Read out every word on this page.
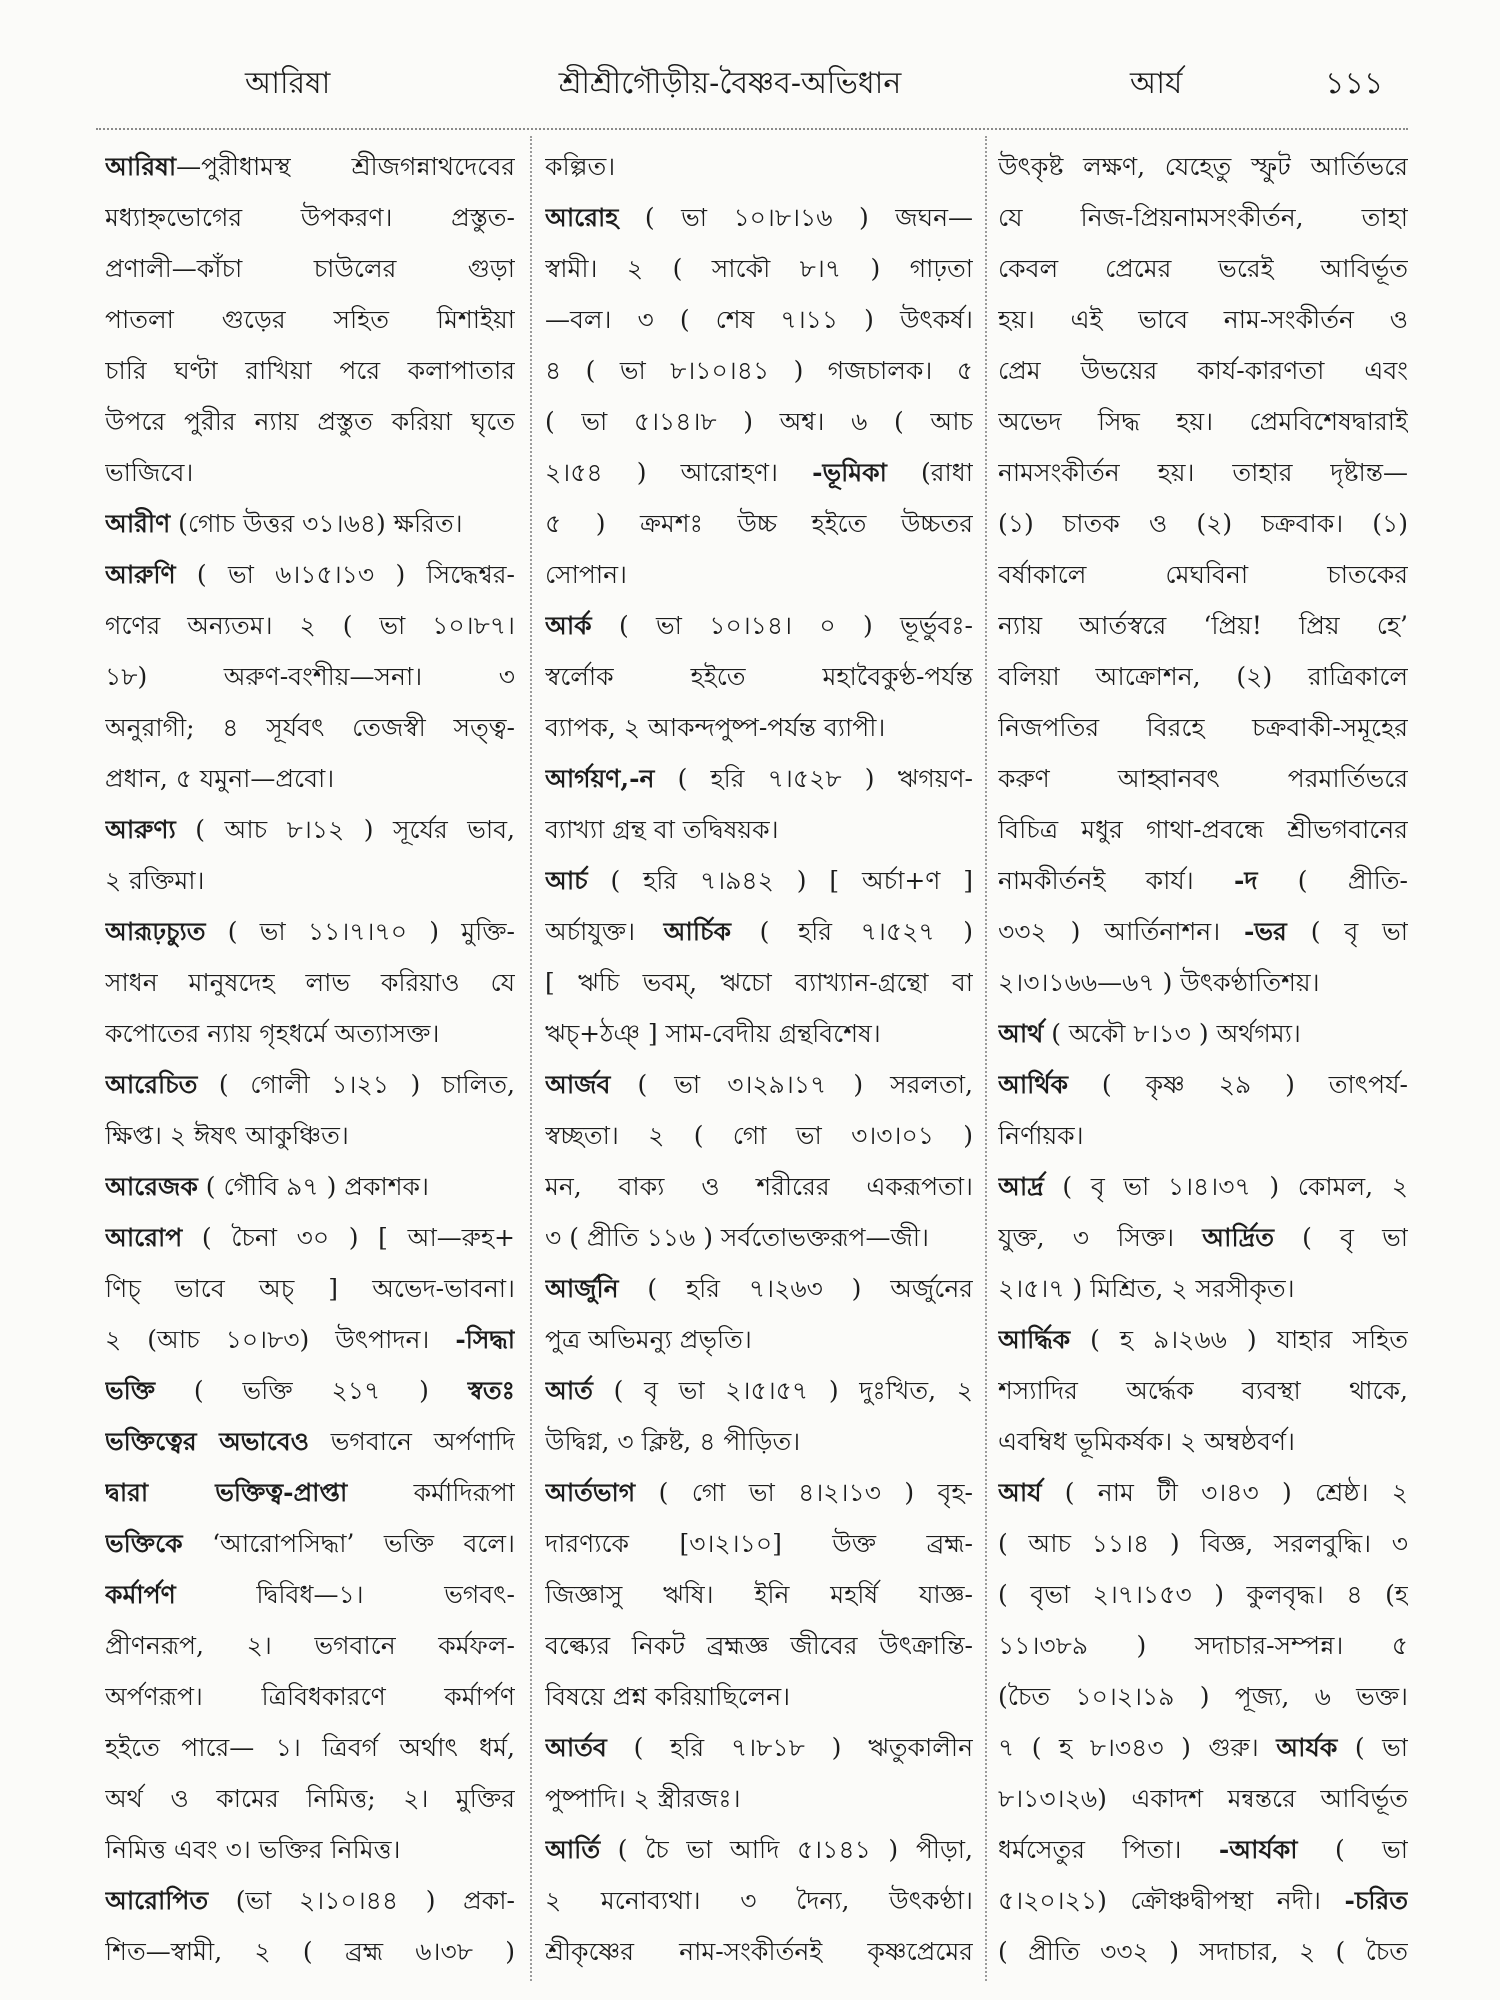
আরিষা	শ্রীশ্রীগৌড়ীয়-বৈষ্ণব-অভিধান	আর্য	১১১
আরিষা—পুরীধামস্থ শ্রীজগন্নাথদেবের
মধ্যাহ্নভোগের উপকরণ। প্রস্তুত-
প্রণালী—কাঁচা চাউলের গুড়া
পাতলা গুড়ের সহিত মিশাইয়া
চারি ঘণ্টা রাখিয়া পরে কলাপাতার
উপরে পুরীর ন্যায় প্রস্তুত করিয়া ঘৃতে
ভাজিবে।
আরীণ (গোচ উত্তর ৩১।৬৪) ক্ষরিত।
আরুণি ( ভা ৬।১৫।১৩ ) সিদ্ধেশ্বর-
গণের অন্যতম। ২ ( ভা ১০।৮৭।
১৮) অরুণ-বংশীয়—সনা। ৩
অনুরাগী; ৪ সূর্যবৎ তেজস্বী সত্ত্ব-
প্রধান, ৫ যমুনা—প্রবো।
আরুণ্য ( আচ ৮।১২ ) সূর্যের ভাব,
২ রক্তিমা।
আরূঢ়চ্যুত ( ভা ১১।৭।৭০ ) মুক্তি-
সাধন মানুষদেহ লাভ করিয়াও যে
কপোতের ন্যায় গৃহধর্মে অত্যাসক্ত।
আরেচিত ( গোলী ১।২১ ) চালিত,
ক্ষিপ্ত। ২ ঈষৎ আকুঞ্চিত।
আরেজক ( গৌবি ৯৭ ) প্রকাশক।
আরোপ ( চৈনা ৩০ ) [ আ—রুহ+
ণিচ্ ভাবে অচ্ ] অভেদ-ভাবনা।
২ (আচ ১০।৮৩) উৎপাদন। -সিদ্ধা
ভক্তি ( ভক্তি ২১৭ ) স্বতঃ
ভক্তিত্বের অভাবেও ভগবানে অর্পণাদি
দ্বারা ভক্তিত্ব-প্রাপ্তা কর্মাদিরূপা
ভক্তিকে ‘আরোপসিদ্ধা’ ভক্তি বলে।
কর্মার্পণ দ্বিবিধ—১। ভগবৎ-
প্রীণনরূপ, ২। ভগবানে কর্মফল-
অর্পণরূপ। ত্রিবিধকারণে কর্মার্পণ
হইতে পারে— ১। ত্রিবর্গ অর্থাৎ ধর্ম,
অর্থ ও কামের নিমিত্ত; ২। মুক্তির
নিমিত্ত এবং ৩। ভক্তির নিমিত্ত।
আরোপিত (ভা ২।১০।৪৪ ) প্রকা-
শিত—স্বামী, ২ ( ব্রহ্ম ৬।৩৮ )
কল্পিত।
আরোহ ( ভা ১০।৮।১৬ ) জঘন—
স্বামী। ২ ( সাকৌ ৮।৭ ) গাঢ়তা
—বল। ৩ ( শেষ ৭।১১ ) উৎকর্ষ।
৪ ( ভা ৮।১০।৪১ ) গজচালক। ৫
( ভা ৫।১৪।৮ ) অশ্ব। ৬ ( আচ
২।৫৪ ) আরোহণ। -ভূমিকা (রাধা
৫ ) ক্রমশঃ উচ্চ হইতে উচ্চতর
সোপান।
আর্ক ( ভা ১০।১৪। ০ ) ভূর্ভুবঃ-
স্বর্লোক হইতে মহাবৈকুণ্ঠ-পর্যন্ত
ব্যাপক, ২ আকন্দপুষ্প-পর্যন্ত ব্যাপী।
আর্গয়ণ,-ন ( হরি ৭।৫২৮ ) ঋগয়ণ-
ব্যাখ্যা গ্রন্থ বা তদ্বিষয়ক।
আর্চ ( হরি ৭।৯৪২ ) [ অর্চা+ণ ]
অর্চাযুক্ত। আর্চিক ( হরি ৭।৫২৭ )
[ ঋচি ভবম্, ঋচো ব্যাখ্যান-গ্রন্থো বা
ঋচ্+ঠঞ্ ] সাম-বেদীয় গ্রন্থবিশেষ।
আর্জব ( ভা ৩।২৯।১৭ ) সরলতা,
স্বচ্ছতা। ২ ( গো ভা ৩।৩।০১ )
মন, বাক্য ও শরীরের একরূপতা।
৩ ( প্রীতি ১১৬ ) সর্বতোভক্তরূপ—জী।
আর্জুনি ( হরি ৭।২৬৩ ) অর্জুনের
পুত্র অভিমন্যু প্রভৃতি।
আর্ত ( বৃ ভা ২।৫।৫৭ ) দুঃখিত, ২
উদ্বিগ্ন, ৩ ক্লিষ্ট, ৪ পীড়িত।
আর্তভাগ ( গো ভা ৪।২।১৩ ) বৃহ-
দারণ্যকে [৩।২।১০] উক্ত ব্রহ্ম-
জিজ্ঞাসু ঋষি। ইনি মহর্ষি যাজ্ঞ-
বল্ক্যের নিকট ব্রহ্মজ্ঞ জীবের উৎক্রান্তি-
বিষয়ে প্রশ্ন করিয়াছিলেন।
আর্তব ( হরি ৭।৮১৮ ) ঋতুকালীন
পুষ্পাদি। ২ স্ত্রীরজঃ।
আর্তি ( চৈ ভা আদি ৫।১৪১ ) পীড়া,
২ মনোব্যথা। ৩ দৈন্য, উৎকণ্ঠা।
শ্রীকৃষ্ণের নাম-সংকীর্তনই কৃষ্ণপ্রেমের
উৎকৃষ্ট লক্ষণ, যেহেতু স্ফুট আর্তিভরে
যে নিজ-প্রিয়নামসংকীর্তন, তাহা
কেবল প্রেমের ভরেই আবির্ভূত
হয়। এই ভাবে নাম-সংকীর্তন ও
প্রেম উভয়ের কার্য-কারণতা এবং
অভেদ সিদ্ধ হয়। প্রেমবিশেষদ্বারাই
নামসংকীর্তন হয়। তাহার দৃষ্টান্ত—
(১) চাতক ও (২) চক্রবাক। (১)
বর্ষাকালে মেঘবিনা চাতকের
ন্যায় আর্তস্বরে ‘প্রিয়! প্রিয় হে’
বলিয়া আক্রোশন, (২) রাত্রিকালে
নিজপতির বিরহে চক্রবাকী-সমূহের
করুণ আহ্বানবৎ পরমার্তিভরে
বিচিত্র মধুর গাথা-প্রবন্ধে শ্রীভগবানের
নামকীর্তনই কার্য। -দ ( প্রীতি-
৩৩২ ) আর্তিনাশন। -ভর ( বৃ ভা
২।৩।১৬৬—৬৭ ) উৎকণ্ঠাতিশয়।
আর্থ ( অকৌ ৮।১৩ ) অর্থগম্য।
আর্থিক ( কৃষ্ণ ২৯ ) তাৎপর্য-
নির্ণায়ক।
আর্দ্র ( বৃ ভা ১।৪।৩৭ ) কোমল, ২
যুক্ত, ৩ সিক্ত। আর্দ্রিত ( বৃ ভা
২।৫।৭ ) মিশ্রিত, ২ সরসীকৃত।
আর্দ্ধিক ( হ ৯।২৬৬ ) যাহার সহিত
শস্যাদির অর্দ্ধেক ব্যবস্থা থাকে,
এবম্বিধ ভূমিকর্ষক। ২ অম্বষ্ঠবর্ণ।
আর্য ( নাম টী ৩।৪৩ ) শ্রেষ্ঠ। ২
( আচ ১১।৪ ) বিজ্ঞ, সরলবুদ্ধি। ৩
( বৃভা ২।৭।১৫৩ ) কুলবৃদ্ধ। ৪ (হ
১১।৩৮৯ ) সদাচার-সম্পন্ন। ৫
(চৈত ১০।২।১৯ ) পূজ্য, ৬ ভক্ত।
৭ ( হ ৮।৩৪৩ ) গুরু। আর্যক ( ভা
৮।১৩।২৬) একাদশ মন্বন্তরে আবির্ভূত
ধর্মসেতুর পিতা। -আর্যকা ( ভা
৫।২০।২১) ক্রৌঞ্চদ্বীপস্থা নদী। -চরিত
( প্রীতি ৩৩২ ) সদাচার, ২ ( চৈত
